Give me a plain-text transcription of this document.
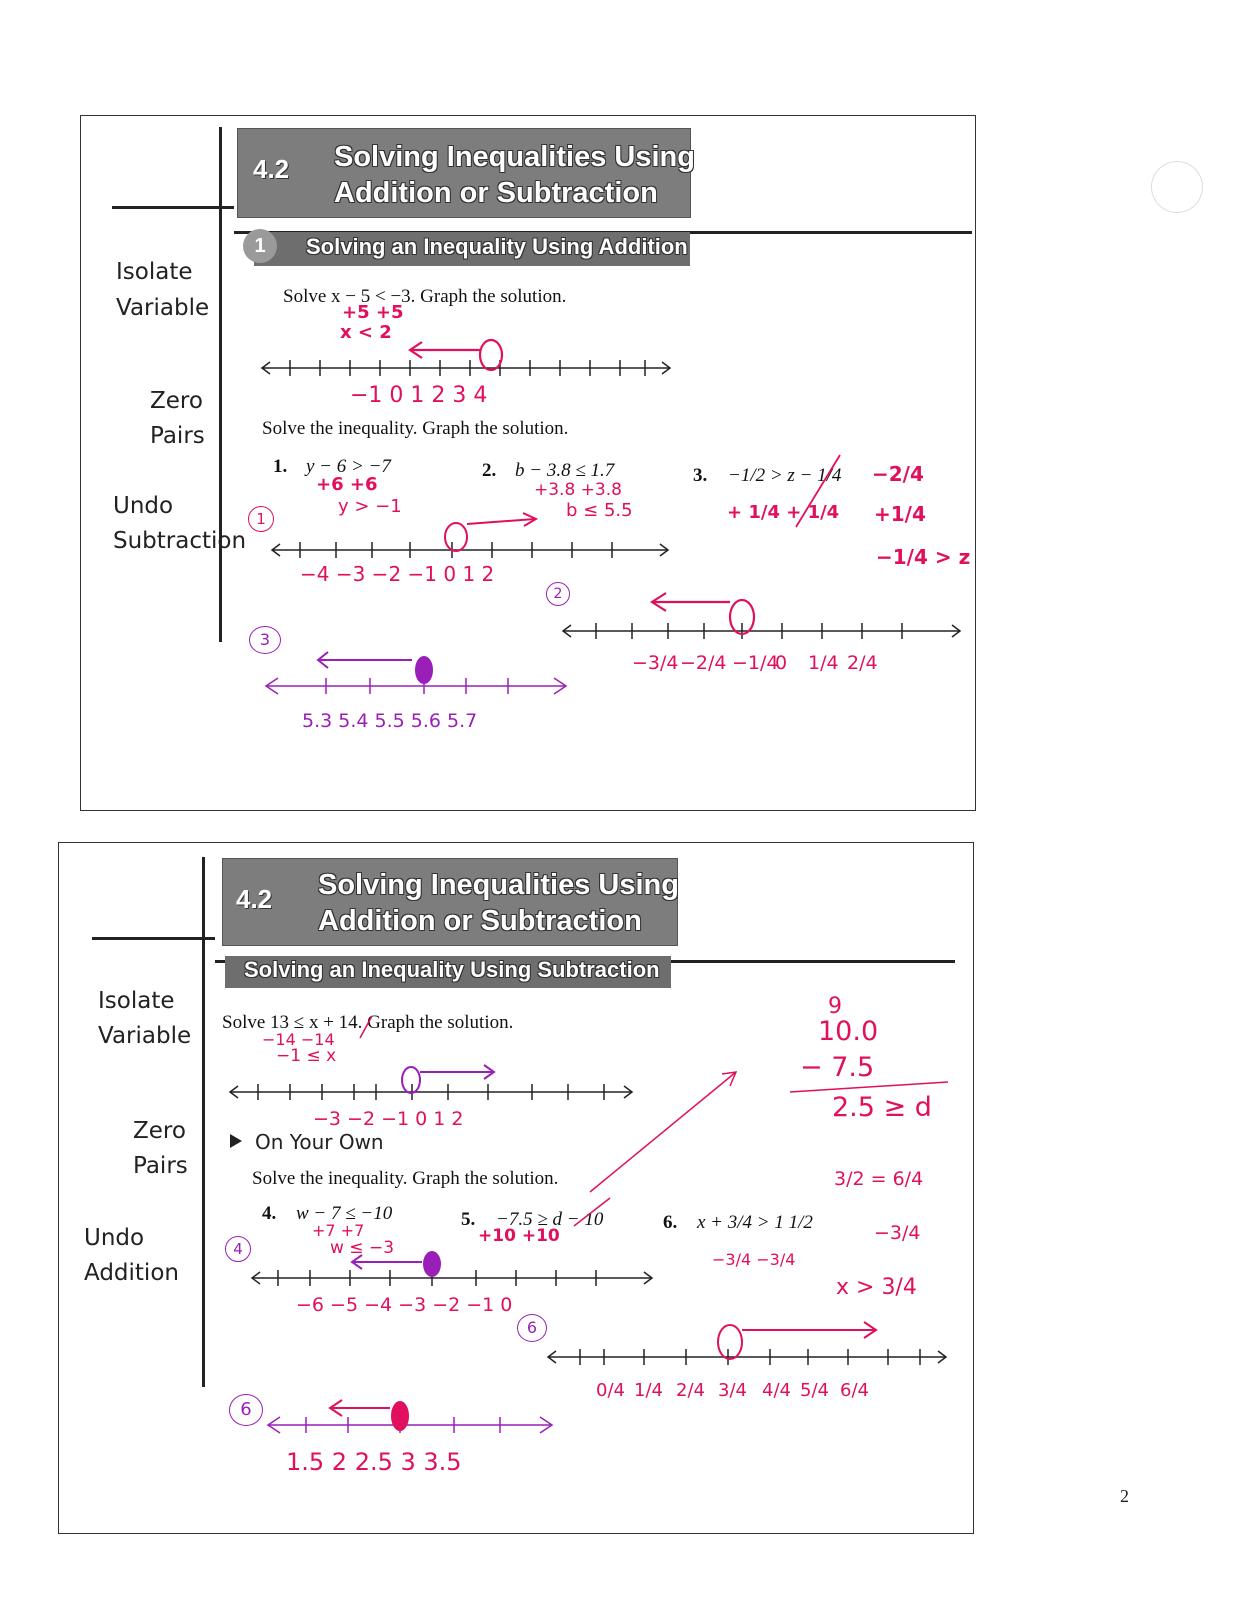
4.2 Solving Inequalities Using
Addition or Subtraction
1	Solving an Inequality Using Addition
Isolate
Variable
Zero
Pairs
Undo
Subtraction
Solve x − 5 < −3. Graph the solution.
+5 +5
x < 2
−1 0 1 2 3 4
Solve the inequality. Graph the solution.
1. y − 6 > −7
+6 +6
y > −1
−4 −3 −2 −1 0 1 2
2. b − 3.8 ≤ 1.7
+3.8 +3.8
b ≤ 5.5
3. −1/2 > z − 1/4
+ 1/4 + 1/4
−2/4
+1/4
−1/4 > z
−3/4 −2/4 −1/4
0 1/4 2/4
5.3 5.4 5.5 5.6 5.7
4.2 Solving Inequalities Using
Addition or Subtraction
Solving an Inequality Using Subtraction
Isolate
Variable
Zero
Pairs
Undo
Addition
Solve 13 ≤ x + 14. Graph the solution.
−14 −14
−1 ≤ x
−3 −2 −1 0 1 2
On Your Own
Solve the inequality. Graph the solution.
4. w − 7 ≤ −10
+7 +7
w ≤ −3
−6 −5 −4 −3 −2 −1 0
5. −7.5 ≥ d − 10
+10 +10
6. x + 3/4 > 1 1/2
−3/4 −3/4
9
10.0
− 7.5
2.5 ≥ d
3/2 = 6/4
−3/4
x > 3/4
0/4 1/4 2/4 3/4 4/4 5/4 6/4
1.5 2 2.5 3 3.5
1
2
3
4
6
6
2
